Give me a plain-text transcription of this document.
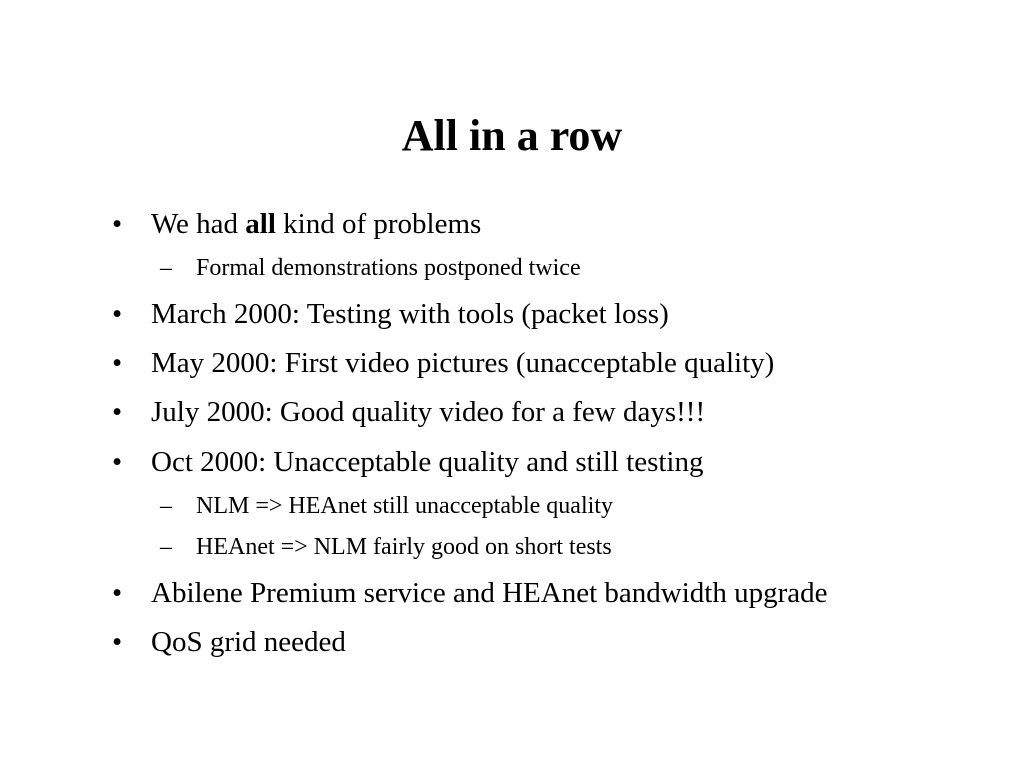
All in a row
• We had all kind of problems
– Formal demonstrations postponed twice
• March 2000: Testing with tools (packet loss)
• May 2000: First video pictures (unacceptable quality)
• July 2000: Good quality video for a few days!!!
• Oct 2000: Unacceptable quality and still testing
– NLM => HEAnet still unacceptable quality
– HEAnet => NLM fairly good on short tests
• Abilene Premium service and HEAnet bandwidth upgrade
• QoS grid needed
